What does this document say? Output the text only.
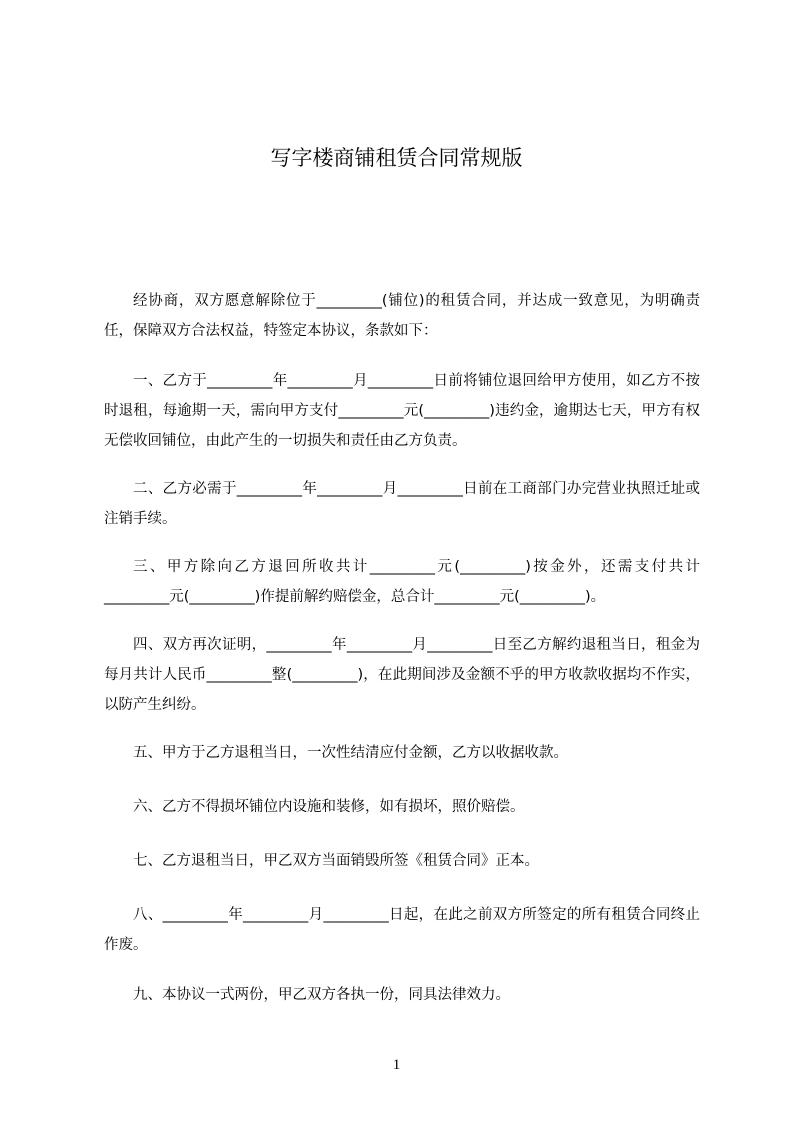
写字楼商铺租赁合同常规版

经协商，双方愿意解除位于_________(铺位)的租赁合同，并达成一致意见，为明确责任，保障双方合法权益，特签定本协议，条款如下：

一、乙方于_________年_________月_________日前将铺位退回给甲方使用，如乙方不按时退租，每逾期一天，需向甲方支付_________元(_________)违约金，逾期达七天，甲方有权无偿收回铺位，由此产生的一切损失和责任由乙方负责。

二、乙方必需于_________年_________月_________日前在工商部门办完营业执照迁址或注销手续。

三、甲方除向乙方退回所收共计_________元(_________)按金外，还需支付共计_________元(_________)作提前解约赔偿金，总合计_________元(_________)。

四、双方再次证明，_________年_________月_________日至乙方解约退租当日，租金为每月共计人民币_________整(_________)，在此期间涉及金额不乎的甲方收款收据均不作实，以防产生纠纷。

五、甲方于乙方退租当日，一次性结清应付金额，乙方以收据收款。

六、乙方不得损坏铺位内设施和装修，如有损坏，照价赔偿。

七、乙方退租当日，甲乙双方当面销毁所签《租赁合同》正本。

八、_________年_________月_________日起，在此之前双方所签定的所有租赁合同终止作废。

九、本协议一式两份，甲乙双方各执一份，同具法律效力。

1
